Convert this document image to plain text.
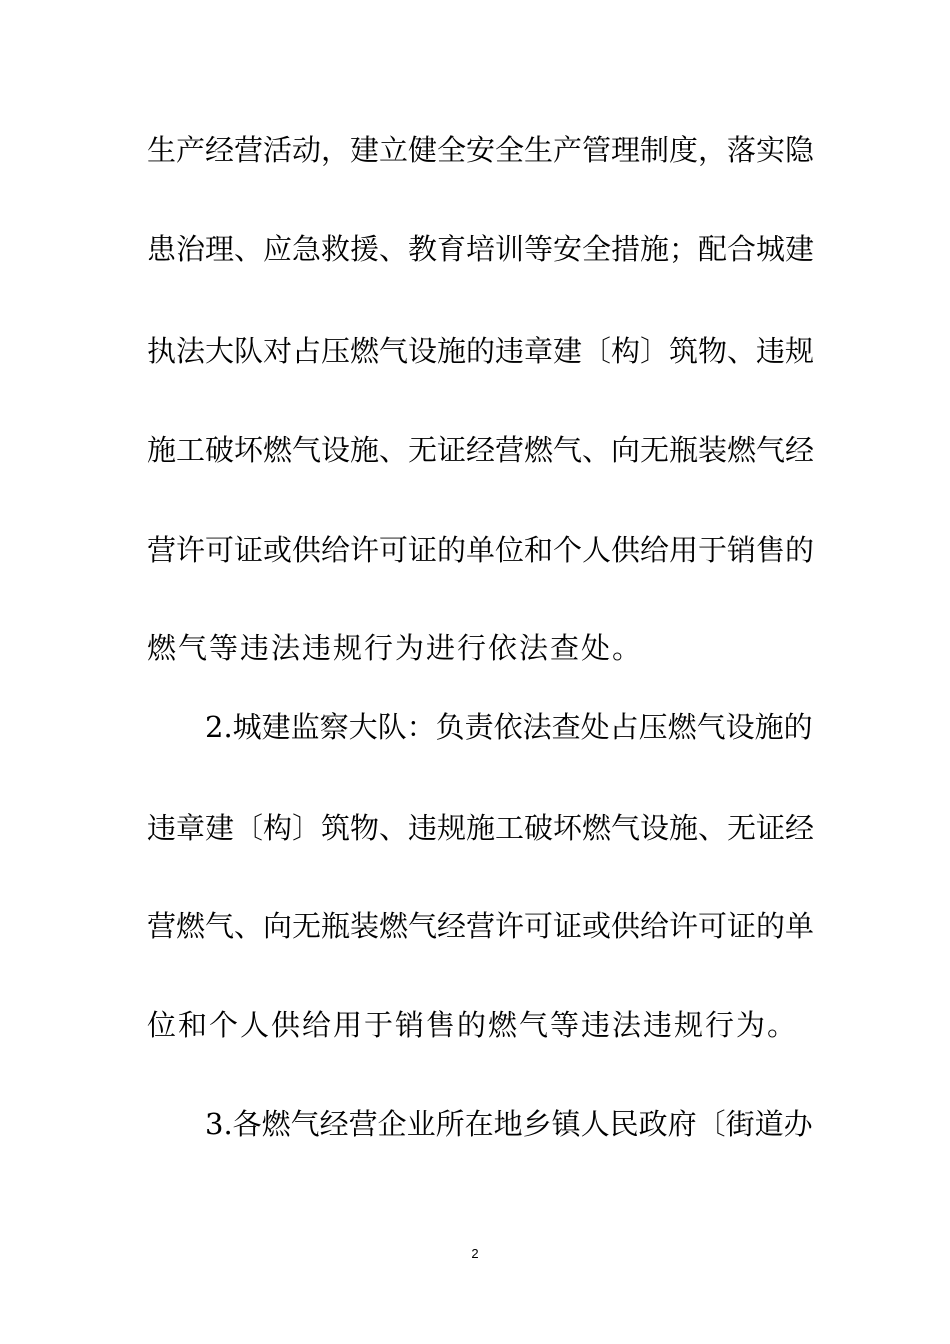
生产经营活动，建立健全安全生产管理制度，落实隐
患治理、应急救援、教育培训等安全措施；配合城建
执法大队对占压燃气设施的违章建〔构〕筑物、违规
施工破坏燃气设施、无证经营燃气、向无瓶装燃气经
营许可证或供给许可证的单位和个人供给用于销售的
燃气等违法违规行为进行依法查处。
2.城建监察大队：负责依法查处占压燃气设施的
违章建〔构〕筑物、违规施工破坏燃气设施、无证经
营燃气、向无瓶装燃气经营许可证或供给许可证的单
位和个人供给用于销售的燃气等违法违规行为。
3.各燃气经营企业所在地乡镇人民政府〔街道办
2
